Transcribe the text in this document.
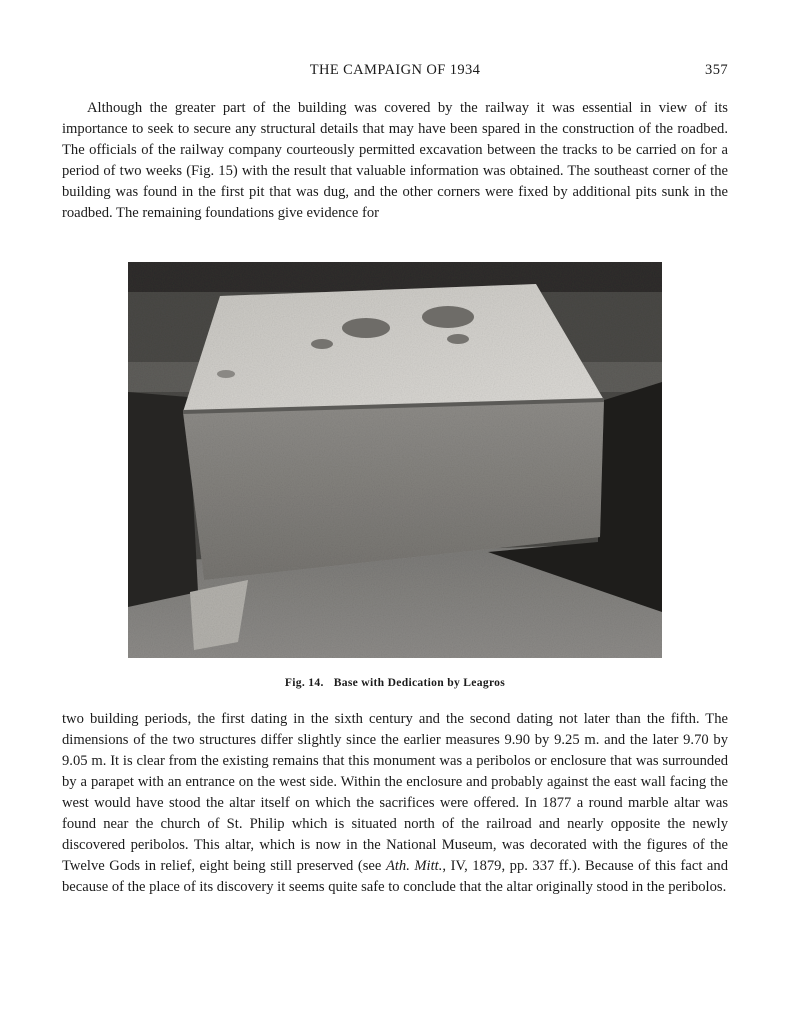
THE CAMPAIGN OF 1934	357

Although the greater part of the building was covered by the railway it was essential in view of its importance to seek to secure any structural details that may have been spared in the construction of the roadbed. The officials of the railway company courteously permitted excavation between the tracks to be carried on for a period of two weeks (Fig. 15) with the result that valuable information was obtained. The southeast corner of the building was found in the first pit that was dug, and the other corners were fixed by additional pits sunk in the roadbed. The remaining foundations give evidence for

Fig. 14. Base with Dedication by Leagros

two building periods, the first dating in the sixth century and the second dating not later than the fifth. The dimensions of the two structures differ slightly since the earlier measures 9.90 by 9.25 m. and the later 9.70 by 9.05 m. It is clear from the existing remains that this monument was a peribolos or enclosure that was surrounded by a parapet with an entrance on the west side. Within the enclosure and probably against the east wall facing the west would have stood the altar itself on which the sacrifices were offered. In 1877 a round marble altar was found near the church of St. Philip which is situated north of the railroad and nearly opposite the newly discovered peribolos. This altar, which is now in the National Museum, was decorated with the figures of the Twelve Gods in relief, eight being still preserved (see Ath. Mitt., IV, 1879, pp. 337 ff.). Because of this fact and because of the place of its discovery it seems quite safe to conclude that the altar originally stood in the peribolos.
